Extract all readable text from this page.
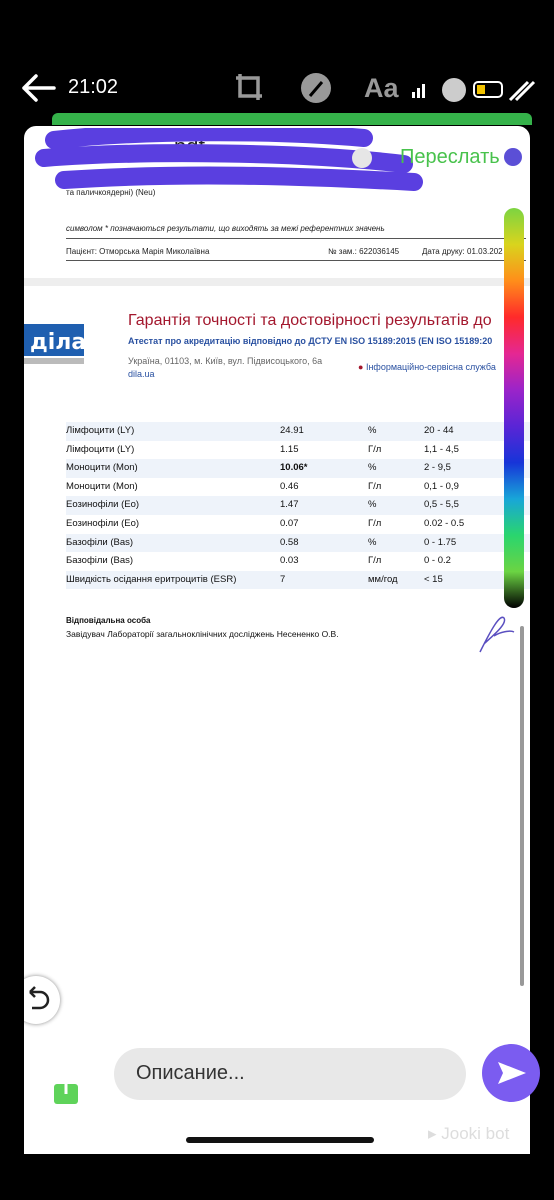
21:02	Aa
pdf	Переслать
та паличкоядерні) (Neu)
символом * позначаються результати, що виходять за межі референтних значень
Пацієнт: Отморська Марія Миколаївна	№ зам.: 622036145	Дата друку: 01.03.202
ділa
Гарантія точності та достовірності результатів до
Атестат про акредитацію відповідно до ДСТУ EN ISO 15189:2015 (EN ISO 15189:20
Україна, 01103, м. Київ, вул. Підвисоцького, 6а
dila.ua
● Інформаційно-сервісна служба
Лімфоцити (LY)	24.91	%	20 - 44
Лімфоцити (LY)	1.15	Г/л	1,1 - 4,5
Моноцити (Mon)	10.06*	%	2 - 9,5
Моноцити (Mon)	0.46	Г/л	0,1 - 0,9
Еозинофіли (Eo)	1.47	%	0,5 - 5,5
Еозинофіли (Eo)	0.07	Г/л	0.02 - 0.5
Базофіли (Bas)	0.58	%	0 - 1.75
Базофіли (Bas)	0.03	Г/л	0 - 0.2
Швидкість осідання еритроцитів (ESR)	7	мм/год	< 15
Відповідальна особа
Завідувач Лабораторії загальноклінічних досліджень Несененко О.В.
Описание...
▸ Jooki bot
